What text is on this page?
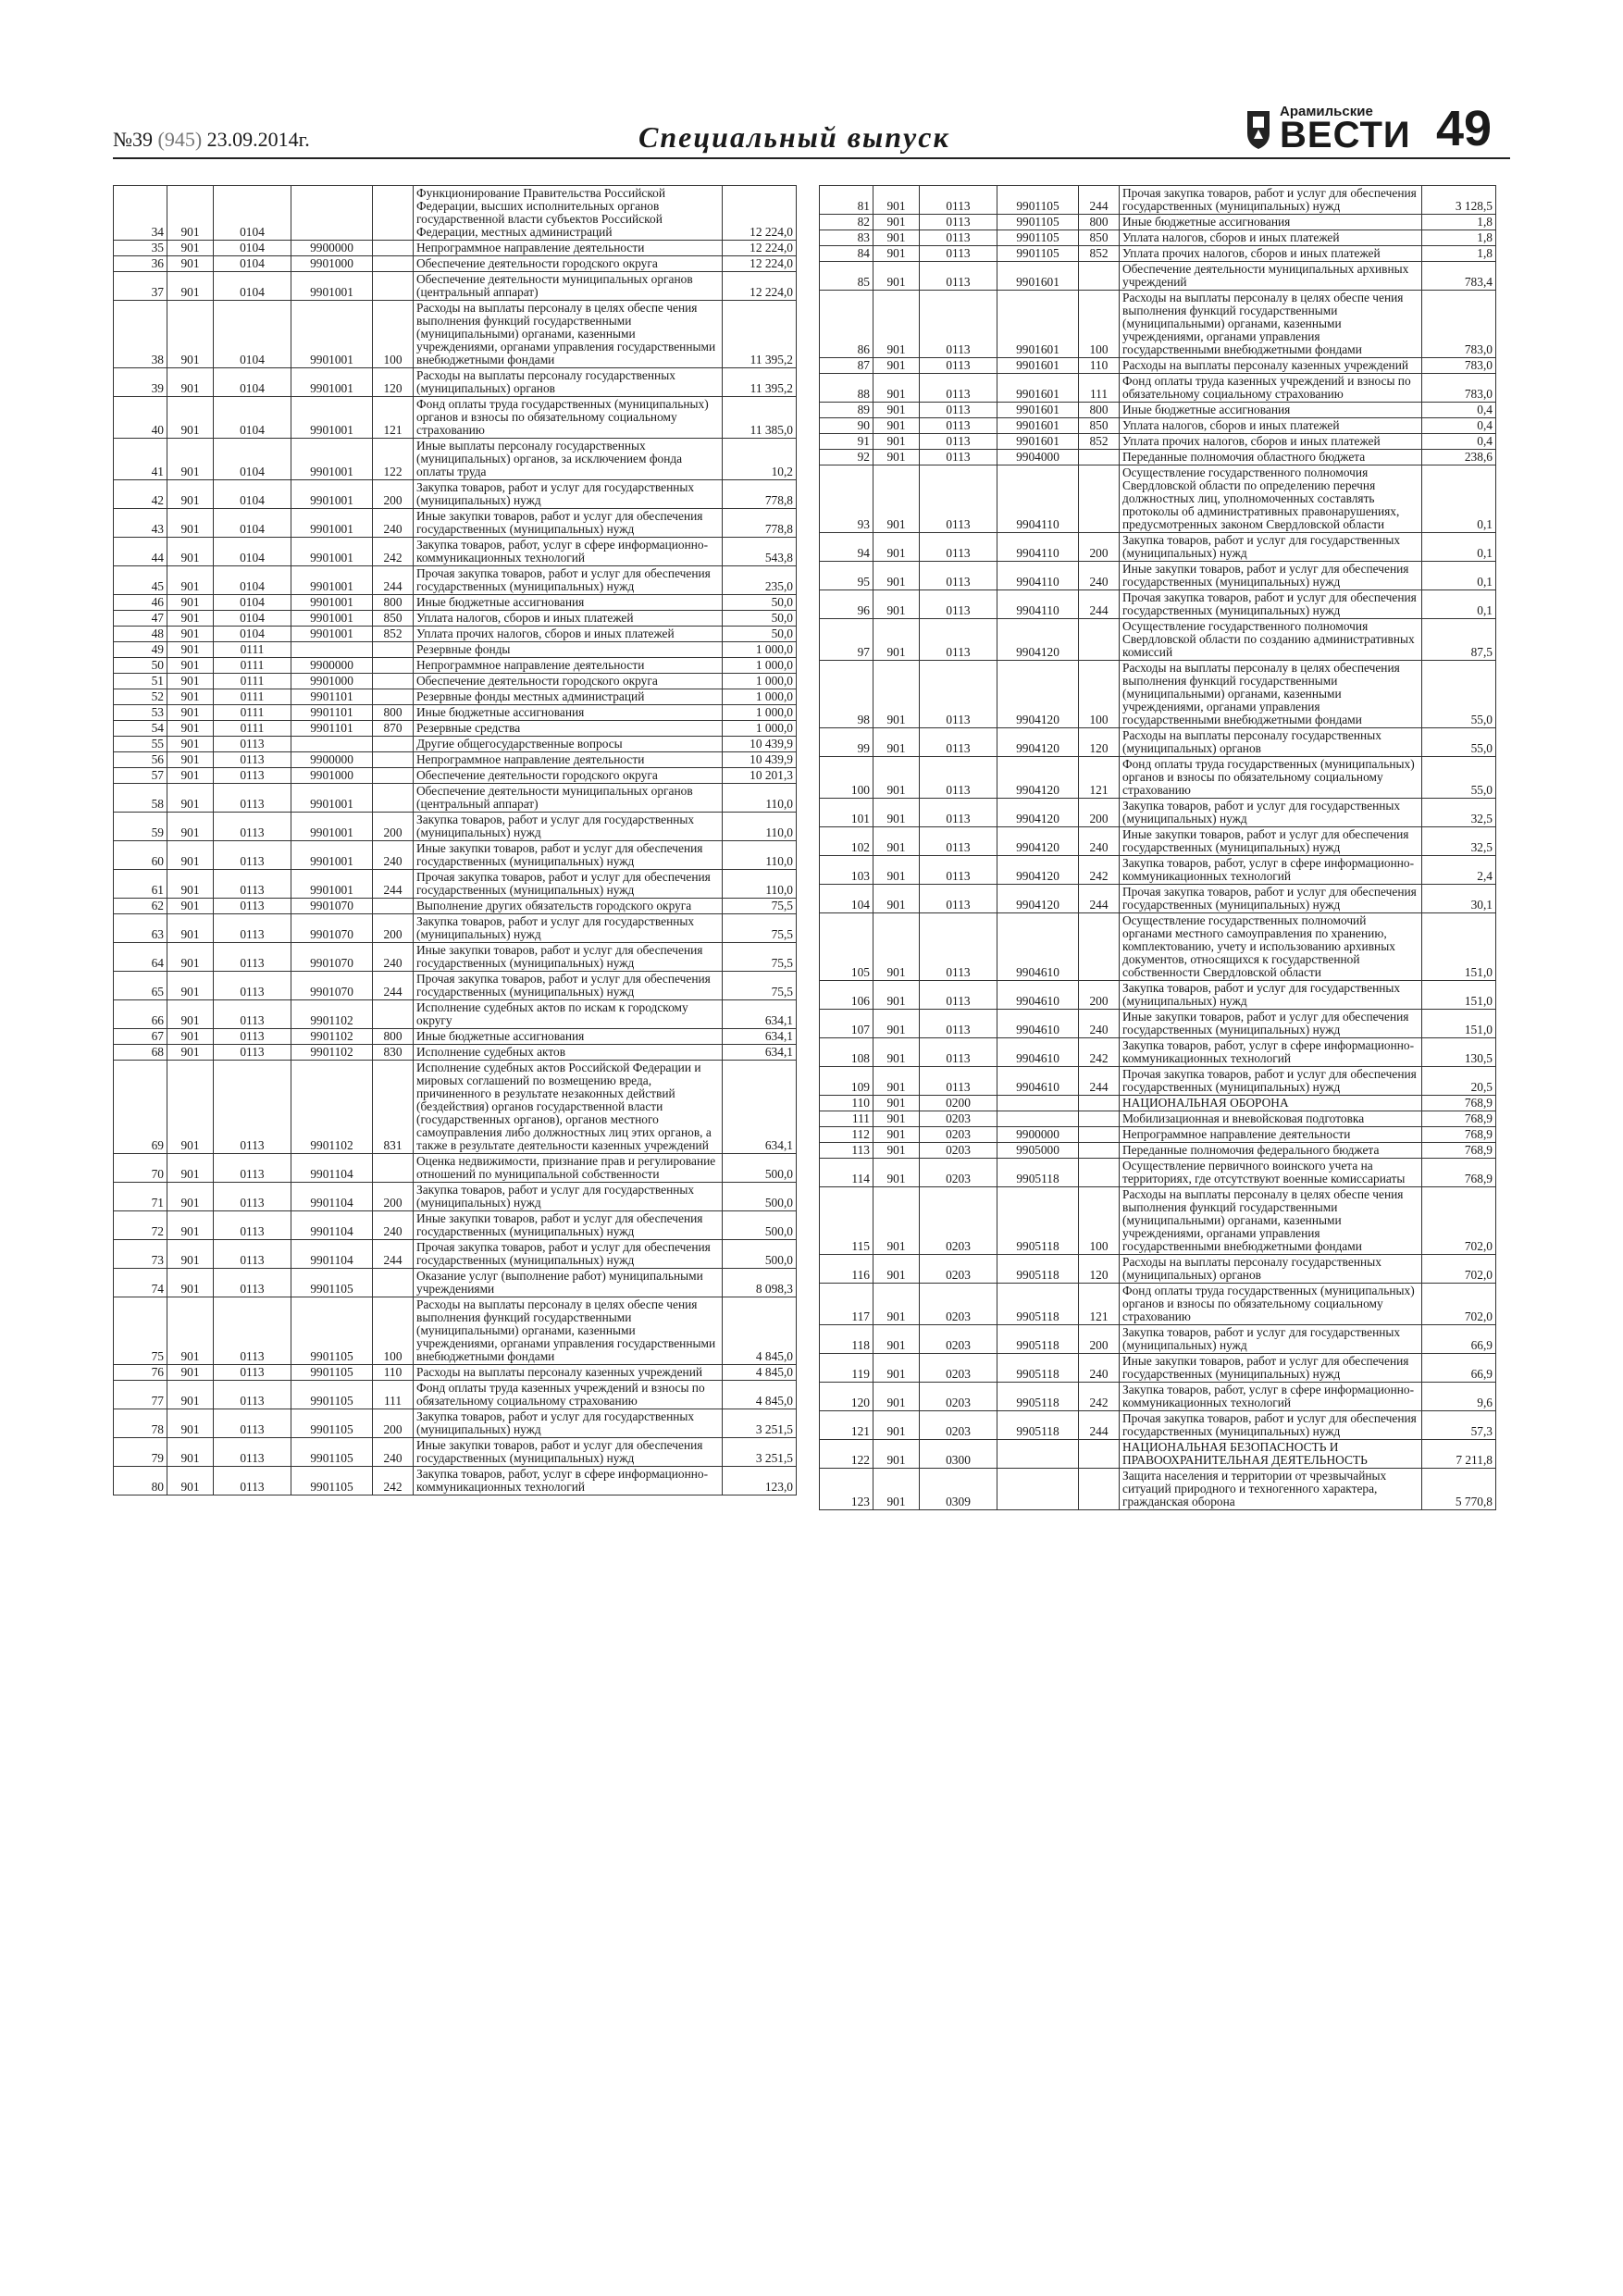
№39 (945) 23.09.2014г.	Специальный выпуск
Арамильские
ВЕСТИ 49
34	901	0104			Функционирование Правительства Российской Федерации, высших исполнительных органов государственной власти субъектов Российской Федерации, местных администраций	12 224,0
35	901	0104	9900000		Непрограммное направление деятельности	12 224,0
36	901	0104	9901000		Обеспечение деятельности городского округа	12 224,0
37	901	0104	9901001		Обеспечение деятельности муниципальных органов (центральный аппарат)	12 224,0
38	901	0104	9901001	100	Расходы на выплаты персоналу в целях обеспе чения выполнения функций государственными (муниципальными) органами, казенными учреждениями, органами управления государственными внебюджетными фондами	11 395,2
39	901	0104	9901001	120	Расходы на выплаты персоналу государственных (муниципальных) органов	11 395,2
40	901	0104	9901001	121	Фонд оплаты труда государственных (муниципальных) органов и взносы по обязательному социальному страхованию	11 385,0
41	901	0104	9901001	122	Иные выплаты персоналу государственных (муниципальных) органов, за исключением фонда оплаты труда	10,2
42	901	0104	9901001	200	Закупка товаров, работ и услуг для государственных (муниципальных) нужд	778,8
43	901	0104	9901001	240	Иные закупки товаров, работ и услуг для обеспечения государственных (муниципальных) нужд	778,8
44	901	0104	9901001	242	Закупка товаров, работ, услуг в сфере информационно-коммуникационных технологий	543,8
45	901	0104	9901001	244	Прочая закупка товаров, работ и услуг для обеспечения государственных (муниципальных) нужд	235,0
46	901	0104	9901001	800	Иные бюджетные ассигнования	50,0
47	901	0104	9901001	850	Уплата налогов, сборов и иных платежей	50,0
48	901	0104	9901001	852	Уплата прочих налогов, сборов и иных платежей	50,0
49	901	0111			Резервные фонды	1 000,0
50	901	0111	9900000		Непрограммное направление деятельности	1 000,0
51	901	0111	9901000		Обеспечение деятельности городского округа	1 000,0
52	901	0111	9901101		Резервные фонды местных администраций	1 000,0
53	901	0111	9901101	800	Иные бюджетные ассигнования	1 000,0
54	901	0111	9901101	870	Резервные средства	1 000,0
55	901	0113			Другие общегосударственные вопросы	10 439,9
56	901	0113	9900000		Непрограммное направление деятельности	10 439,9
57	901	0113	9901000		Обеспечение деятельности городского округа	10 201,3
58	901	0113	9901001		Обеспечение деятельности муниципальных органов (центральный аппарат)	110,0
59	901	0113	9901001	200	Закупка товаров, работ и услуг для государственных (муниципальных) нужд	110,0
60	901	0113	9901001	240	Иные закупки товаров, работ и услуг для обеспечения государственных (муниципальных) нужд	110,0
61	901	0113	9901001	244	Прочая закупка товаров, работ и услуг для обеспечения государственных (муниципальных) нужд	110,0
62	901	0113	9901070		Выполнение других обязательств городского округа	75,5
63	901	0113	9901070	200	Закупка товаров, работ и услуг для государственных (муниципальных) нужд	75,5
64	901	0113	9901070	240	Иные закупки товаров, работ и услуг для обеспечения государственных (муниципальных) нужд	75,5
65	901	0113	9901070	244	Прочая закупка товаров, работ и услуг для обеспечения государственных (муниципальных) нужд	75,5
66	901	0113	9901102		Исполнение судебных актов по искам к городскому округу	634,1
67	901	0113	9901102	800	Иные бюджетные ассигнования	634,1
68	901	0113	9901102	830	Исполнение судебных актов	634,1
69	901	0113	9901102	831	Исполнение судебных актов Российской Федерации и мировых соглашений по возмещению вреда, причиненного в результате незаконных действий (бездействия) органов государственной власти (государственных органов), органов местного самоуправления либо должностных лиц этих органов, а также в результате деятельности казенных учреждений	634,1
70	901	0113	9901104		Оценка недвижимости, признание прав и регулирование отношений по муниципальной собственности	500,0
71	901	0113	9901104	200	Закупка товаров, работ и услуг для государственных (муниципальных) нужд	500,0
72	901	0113	9901104	240	Иные закупки товаров, работ и услуг для обеспечения государственных (муниципальных) нужд	500,0
73	901	0113	9901104	244	Прочая закупка товаров, работ и услуг для обеспечения государственных (муниципальных) нужд	500,0
74	901	0113	9901105		Оказание услуг (выполнение работ) муниципальными учреждениями	8 098,3
75	901	0113	9901105	100	Расходы на выплаты персоналу в целях обеспе чения выполнения функций государственными (муниципальными) органами, казенными учреждениями, органами управления государственными внебюджетными фондами	4 845,0
76	901	0113	9901105	110	Расходы на выплаты персоналу казенных учреждений	4 845,0
77	901	0113	9901105	111	Фонд оплаты труда казенных учреждений и взносы по обязательному социальному страхованию	4 845,0
78	901	0113	9901105	200	Закупка товаров, работ и услуг для государственных (муниципальных) нужд	3 251,5
79	901	0113	9901105	240	Иные закупки товаров, работ и услуг для обеспечения государственных (муниципальных) нужд	3 251,5
80	901	0113	9901105	242	Закупка товаров, работ, услуг в сфере информационно-коммуникационных технологий	123,0
81	901	0113	9901105	244	Прочая закупка товаров, работ и услуг для обеспечения государственных (муниципальных) нужд	3 128,5
82	901	0113	9901105	800	Иные бюджетные ассигнования	1,8
83	901	0113	9901105	850	Уплата налогов, сборов и иных платежей	1,8
84	901	0113	9901105	852	Уплата прочих налогов, сборов и иных платежей	1,8
85	901	0113	9901601		Обеспечение деятельности муниципальных архивных учреждений	783,4
86	901	0113	9901601	100	Расходы на выплаты персоналу в целях обеспе чения выполнения функций государственными (муниципальными) органами, казенными учреждениями, органами управления государственными внебюджетными фондами	783,0
87	901	0113	9901601	110	Расходы на выплаты персоналу казенных учреждений	783,0
88	901	0113	9901601	111	Фонд оплаты труда казенных учреждений и взносы по обязательному социальному страхованию	783,0
89	901	0113	9901601	800	Иные бюджетные ассигнования	0,4
90	901	0113	9901601	850	Уплата налогов, сборов и иных платежей	0,4
91	901	0113	9901601	852	Уплата прочих налогов, сборов и иных платежей	0,4
92	901	0113	9904000		Переданные полномочия областного бюджета	238,6
93	901	0113	9904110		Осуществление государственного полномочия Свердловской области по определению перечня должностных лиц, уполномоченных составлять протоколы об административных правонарушениях, предусмотренных законом Свердловской области	0,1
94	901	0113	9904110	200	Закупка товаров, работ и услуг для государственных (муниципальных) нужд	0,1
95	901	0113	9904110	240	Иные закупки товаров, работ и услуг для обеспечения государственных (муниципальных) нужд	0,1
96	901	0113	9904110	244	Прочая закупка товаров, работ и услуг для обеспечения государственных (муниципальных) нужд	0,1
97	901	0113	9904120		Осуществление государственного полномочия Свердловской области по созданию административных комиссий	87,5
98	901	0113	9904120	100	Расходы на выплаты персоналу в целях обеспечения выполнения функций государственными (муниципальными) органами, казенными учреждениями, органами управления государственными внебюджетными фондами	55,0
99	901	0113	9904120	120	Расходы на выплаты персоналу государственных (муниципальных) органов	55,0
100	901	0113	9904120	121	Фонд оплаты труда государственных (муниципальных) органов и взносы по обязательному социальному страхованию	55,0
101	901	0113	9904120	200	Закупка товаров, работ и услуг для государственных (муниципальных) нужд	32,5
102	901	0113	9904120	240	Иные закупки товаров, работ и услуг для обеспечения государственных (муниципальных) нужд	32,5
103	901	0113	9904120	242	Закупка товаров, работ, услуг в сфере информационно-коммуникационных технологий	2,4
104	901	0113	9904120	244	Прочая закупка товаров, работ и услуг для обеспечения государственных (муниципальных) нужд	30,1
105	901	0113	9904610		Осуществление государственных полномочий органами местного самоуправления по хранению, комплектованию, учету и использованию архивных документов, относящихся к государственной собственности Свердловской области	151,0
106	901	0113	9904610	200	Закупка товаров, работ и услуг для государственных (муниципальных) нужд	151,0
107	901	0113	9904610	240	Иные закупки товаров, работ и услуг для обеспечения государственных (муниципальных) нужд	151,0
108	901	0113	9904610	242	Закупка товаров, работ, услуг в сфере информационно-коммуникационных технологий	130,5
109	901	0113	9904610	244	Прочая закупка товаров, работ и услуг для обеспечения государственных (муниципальных) нужд	20,5
110	901	0200			НАЦИОНАЛЬНАЯ ОБОРОНА	768,9
111	901	0203			Мобилизационная и вневойсковая подготовка	768,9
112	901	0203	9900000		Непрограммное направление деятельности	768,9
113	901	0203	9905000		Переданные полномочия федерального бюджета	768,9
114	901	0203	9905118		Осуществление первичного воинского учета на территориях, где отсутствуют военные комиссариаты	768,9
115	901	0203	9905118	100	Расходы на выплаты персоналу в целях обеспе чения выполнения функций государственными (муниципальными) органами, казенными учреждениями, органами управления государственными внебюджетными фондами	702,0
116	901	0203	9905118	120	Расходы на выплаты персоналу государственных (муниципальных) органов	702,0
117	901	0203	9905118	121	Фонд оплаты труда государственных (муниципальных) органов и взносы по обязательному социальному страхованию	702,0
118	901	0203	9905118	200	Закупка товаров, работ и услуг для государственных (муниципальных) нужд	66,9
119	901	0203	9905118	240	Иные закупки товаров, работ и услуг для обеспечения государственных (муниципальных) нужд	66,9
120	901	0203	9905118	242	Закупка товаров, работ, услуг в сфере информационно-коммуникационных технологий	9,6
121	901	0203	9905118	244	Прочая закупка товаров, работ и услуг для обеспечения государственных (муниципальных) нужд	57,3
122	901	0300			НАЦИОНАЛЬНАЯ БЕЗОПАСНОСТЬ И ПРАВООХРАНИТЕЛЬНАЯ ДЕЯТЕЛЬНОСТЬ	7 211,8
123	901	0309			Защита населения и территории от чрезвычайных ситуаций природного и техногенного характера, гражданская оборона	5 770,8
